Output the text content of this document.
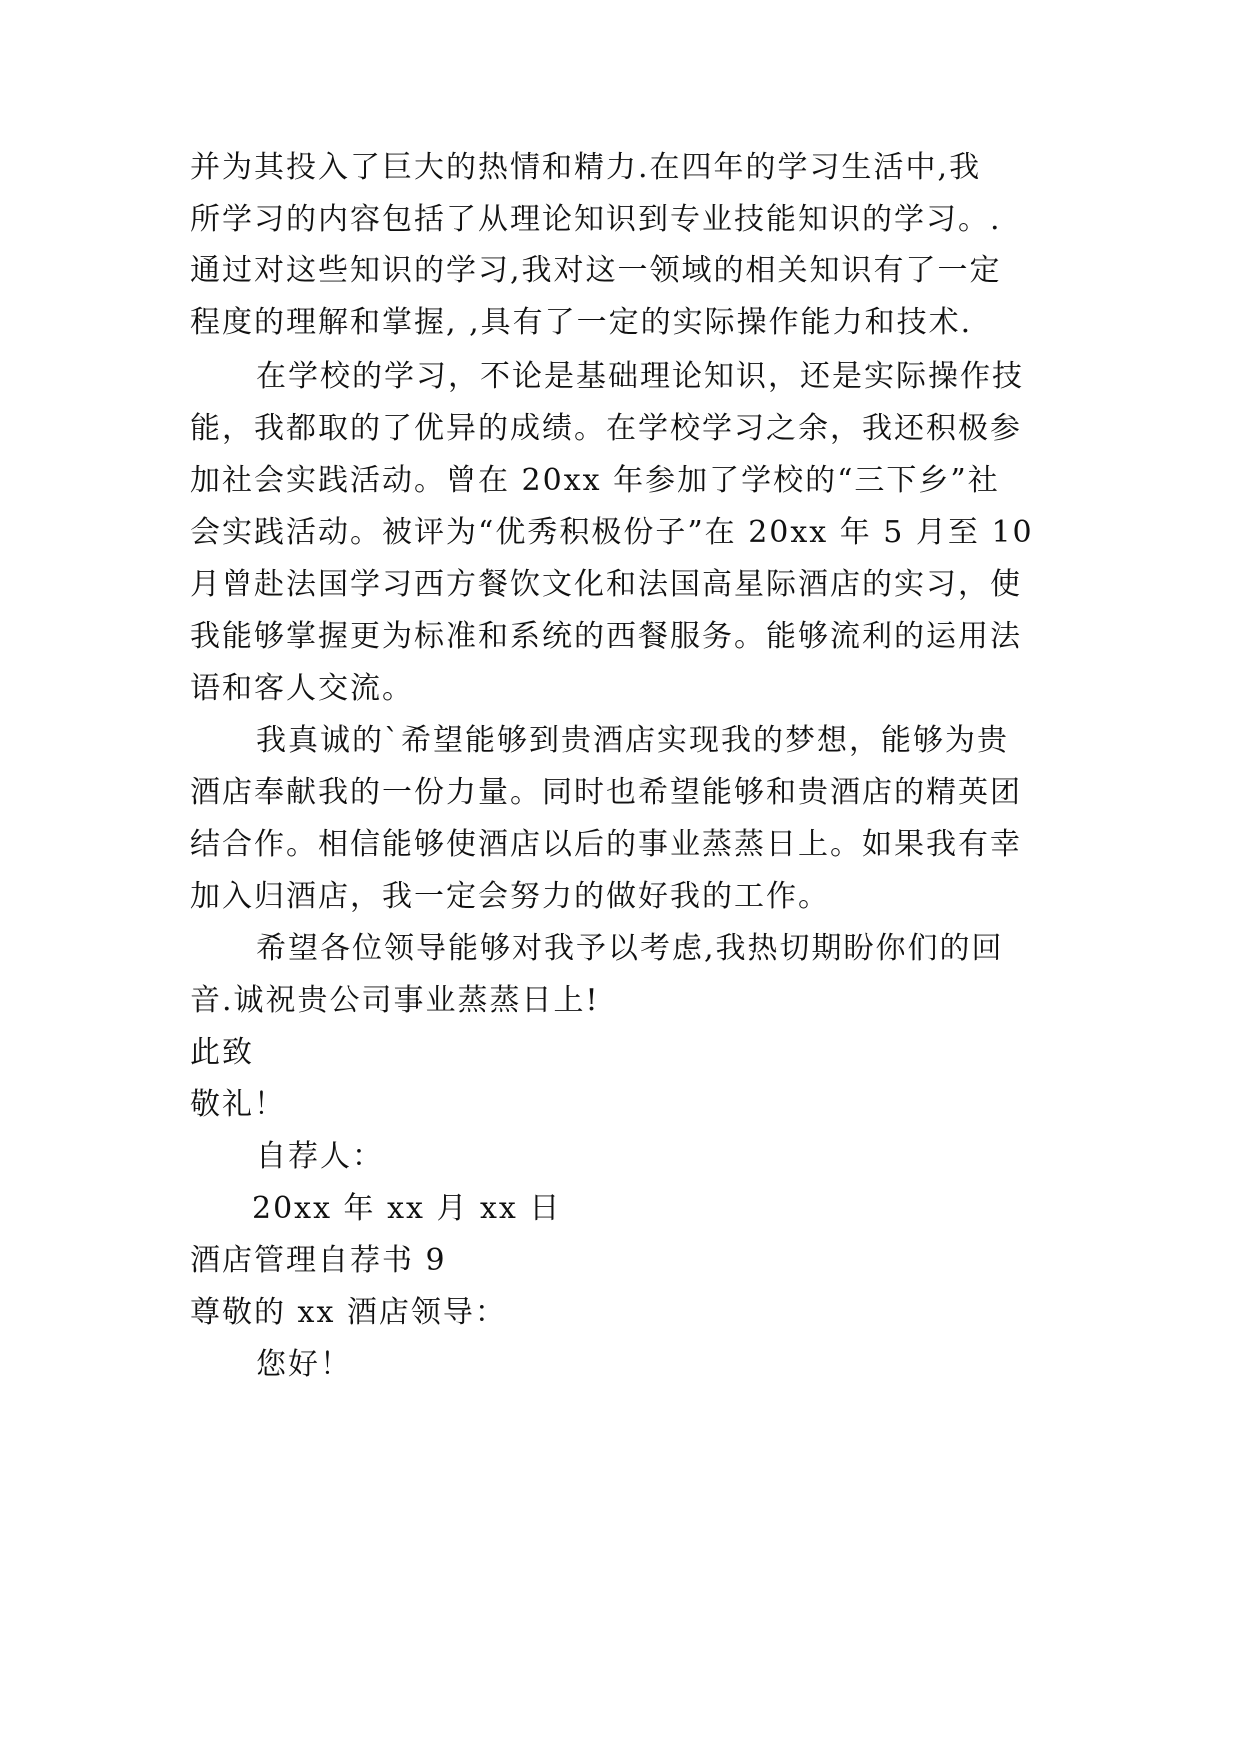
并为其投入了巨大的热情和精力.在四年的学习生活中,我
所学习的内容包括了从理论知识到专业技能知识的学习。.
通过对这些知识的学习,我对这一领域的相关知识有了一定
程度的理解和掌握, ,具有了一定的实际操作能力和技术.
在学校的学习，不论是基础理论知识，还是实际操作技
能，我都取的了优异的成绩。在学校学习之余，我还积极参
加社会实践活动。曾在 20xx 年参加了学校的“三下乡”社
会实践活动。被评为“优秀积极份子”在 20xx 年 5 月至 10
月曾赴法国学习西方餐饮文化和法国高星际酒店的实习，使
我能够掌握更为标准和系统的西餐服务。能够流利的运用法
语和客人交流。
我真诚的`希望能够到贵酒店实现我的梦想，能够为贵
酒店奉献我的一份力量。同时也希望能够和贵酒店的精英团
结合作。相信能够使酒店以后的事业蒸蒸日上。如果我有幸
加入归酒店，我一定会努力的做好我的工作。
希望各位领导能够对我予以考虑,我热切期盼你们的回
音.诚祝贵公司事业蒸蒸日上!
此致
敬礼！
自荐人：
20xx 年 xx 月 xx 日
酒店管理自荐书 9
尊敬的 xx 酒店领导：
您好！
